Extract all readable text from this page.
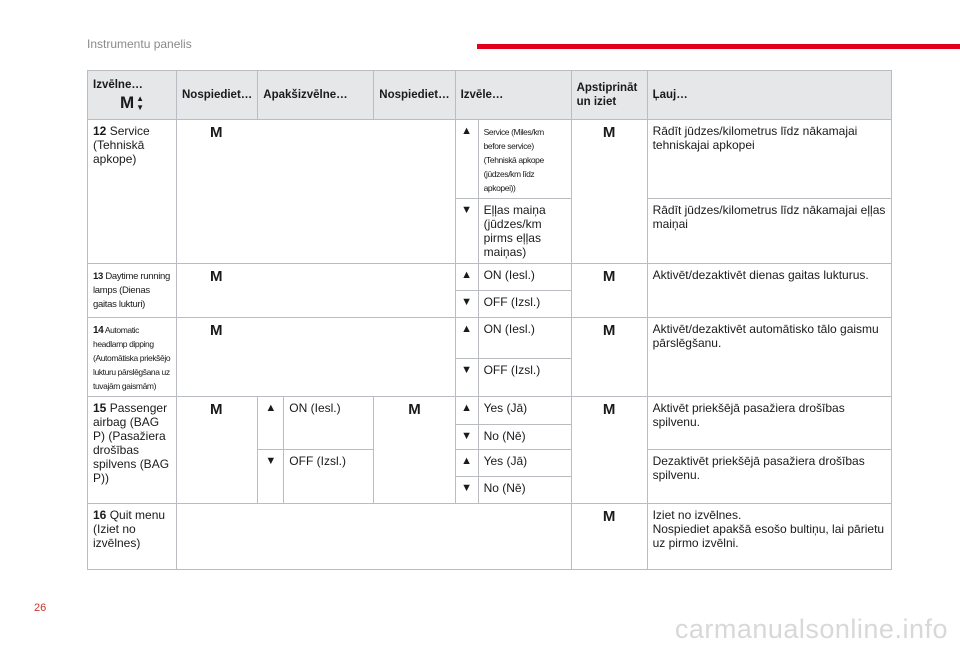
Instrumentu panelis
Izvēlne…
M ▲
▼	Nospiediet…	Apakšizvēlne…		Nospiediet…	Izvēle…		Apstiprināt un iziet	Ļauj…
12 Service (Tehniskā apkope)	M				▲	Service (Miles/km before service) (Tehniskā apkope (jūdzes/km līdz apkopei))	M	Rādīt jūdzes/kilometrus līdz nākamajai tehniskajai apkopei

					▼	Eļļas maiņa (jūdzes/km pirms eļļas maiņas)		Rādīt jūdzes/kilometrus līdz nākamajai eļļas maiņai
13 Daytime running lamps (Dienas gaitas lukturi)	M				▲	ON (Iesl.)	M	Aktivēt/dezaktivēt dienas gaitas lukturus.

					▼	OFF (Izsl.)		
14 Automatic headlamp dipping (Automātiska priekšējo lukturu pārslēgšana uz tuvajām gaismām)	M				▲	ON (Iesl.)	M	Aktivēt/dezaktivēt automātisko tālo gaismu pārslēgšanu.

					▼	OFF (Izsl.)		
15 Passenger airbag (BAG P) (Pasažiera drošības spilvens (BAG P))	M	▲	ON (Iesl.)	M	▲	Yes (Jā)	M	Aktivēt priekšējā pasažiera drošības spilvenu.

					▼	No (Nē)		

		▼	OFF (Izsl.)		▲	Yes (Jā)		Dezaktivēt priekšējā pasažiera drošības spilvenu.

					▼	No (Nē)		
16 Quit menu (Iziet no izvēlnes)							M	Iziet no izvēlnes.
Nospiediet apakšā esošo bultiņu, lai pārietu uz pirmo izvēlni.
26
carmanualsonline.info
